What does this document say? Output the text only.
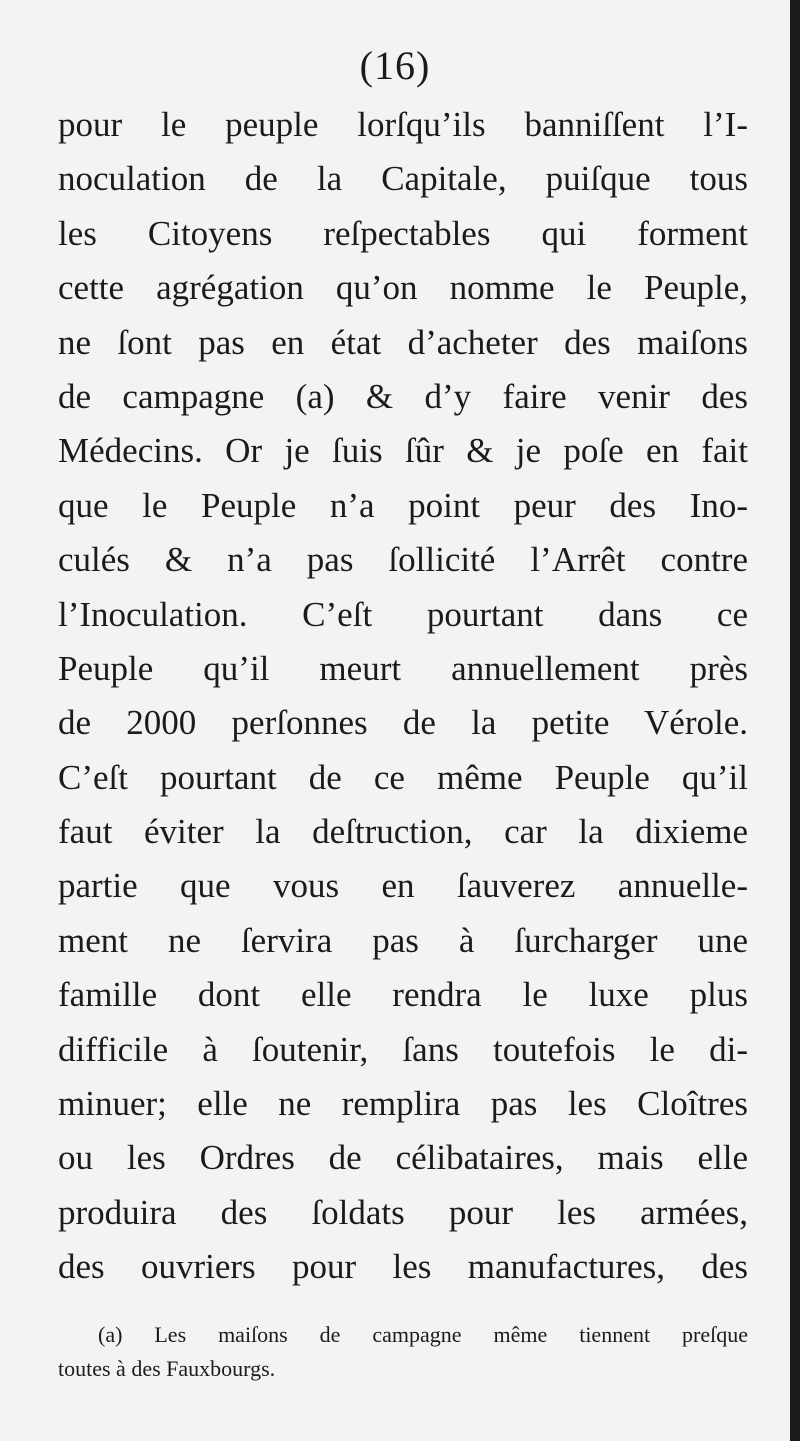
(16)
pour le peuple lorſqu’ils banniſſent l’I-
noculation de la Capitale, puiſque tous
les Citoyens reſpectables qui forment
cette agrégation qu’on nomme le Peuple,
ne ſont pas en état d’acheter des maiſons
de campagne (a) & d’y faire venir des
Médecins. Or je ſuis ſûr & je poſe en fait
que le Peuple n’a point peur des Ino-
culés & n’a pas ſollicité l’Arrêt contre
l’Inoculation. C’eſt pourtant dans ce
Peuple qu’il meurt annuellement près
de 2000 perſonnes de la petite Vérole.
C’eſt pourtant de ce même Peuple qu’il
faut éviter la deſtruction, car la dixieme
partie que vous en ſauverez annuelle-
ment ne ſervira pas à ſurcharger une
famille dont elle rendra le luxe plus
difficile à ſoutenir, ſans toutefois le di-
minuer; elle ne remplira pas les Cloîtres
ou les Ordres de célibataires, mais elle
produira des ſoldats pour les armées,
des ouvriers pour les manufactures, des
(a) Les maiſons de campagne même tiennent preſque
toutes à des Fauxbourgs.
